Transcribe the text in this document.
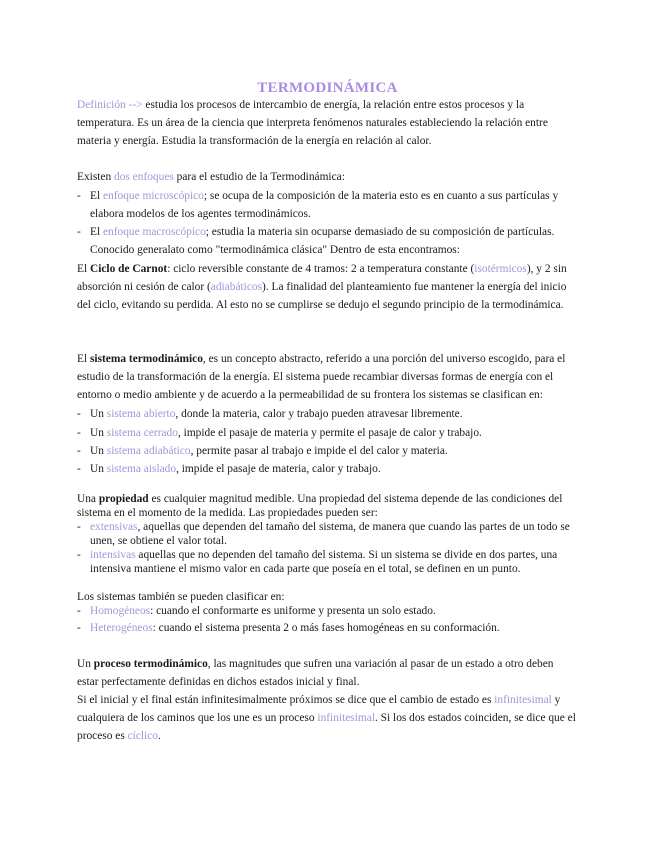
TERMODINÁMICA
Definición --> estudia los procesos de intercambio de energía, la relación entre estos procesos y la temperatura. Es un área de la ciencia que interpreta fenómenos naturales estableciendo la relación entre materia y energía. Estudia la transformación de la energía en relación al calor.
Existen dos enfoques para el estudio de la Termodinámica:
- El enfoque microscópico; se ocupa de la composición de la materia esto es en cuanto a sus partículas y elabora modelos de los agentes termodinámicos.
- El enfoque macroscópico; estudia la materia sin ocuparse demasiado de su composición de partículas.
Conocido generalato como "termodinámica clásica" Dentro de esta encontramos:
El Ciclo de Carnot: ciclo reversible constante de 4 tramos: 2 a temperatura constante (isotérmicos), y 2 sin absorción ni cesión de calor (adiabáticos). La finalidad del planteamiento fue mantener la energía del inicio del ciclo, evitando su perdida. Al esto no se cumplirse se dedujo el segundo principio de la termodinámica.
El sistema termodinámico, es un concepto abstracto, referido a una porción del universo escogido, para el estudio de la transformación de la energía. El sistema puede recambiar diversas formas de energía con el entorno o medio ambiente y de acuerdo a la permeabilidad de su frontera los sistemas se clasifican en:
- Un sistema abierto, donde la materia, calor y trabajo pueden atravesar libremente.
- Un sistema cerrado, impide el pasaje de materia y permite el pasaje de calor y trabajo.
- Un sistema adiabático, permite pasar al trabajo e impide el del calor y materia.
- Un sistema aislado, impide el pasaje de materia, calor y trabajo.
Una propiedad es cualquier magnitud medible. Una propiedad del sistema depende de las condiciones del sistema en el momento de la medida. Las propiedades pueden ser:
- extensivas, aquellas que dependen del tamaño del sistema, de manera que cuando las partes de un todo se unen, se obtiene el valor total.
- intensivas aquellas que no dependen del tamaño del sistema. Si un sistema se divide en dos partes, una intensiva mantiene el mismo valor en cada parte que poseía en el total, se definen en un punto.
Los sistemas también se pueden clasificar en:
- Homogéneos: cuando el conformarte es uniforme y presenta un solo estado.
- Heterogéneos: cuando el sistema presenta 2 o más fases homogéneas en su conformación.
Un proceso termodinámico, las magnitudes que sufren una variación al pasar de un estado a otro deben estar perfectamente definidas en dichos estados inicial y final.
Si el inicial y el final están infinitesimalmente próximos se dice que el cambio de estado es infinitesimal y cualquiera de los caminos que los une es un proceso infinitesimal. Si los dos estados coinciden, se dice que el proceso es cíclico.
